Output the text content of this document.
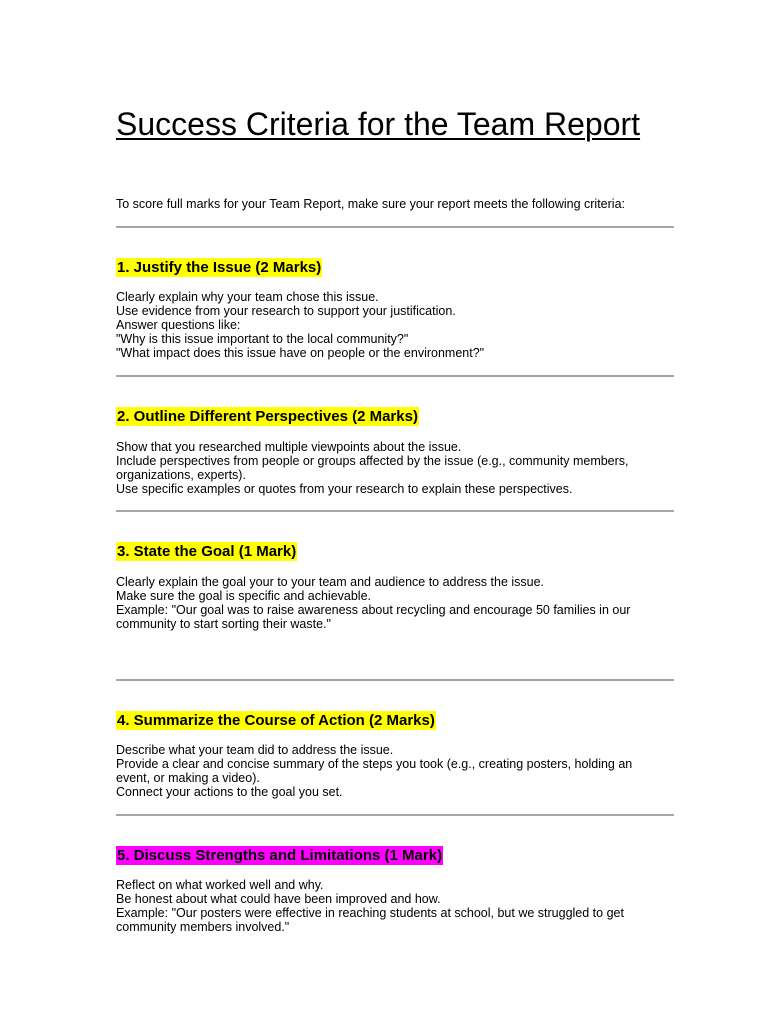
Success Criteria for the Team Report

To score full marks for your Team Report, make sure your report meets the following criteria:

1. Justify the Issue (2 Marks)
Clearly explain why your team chose this issue.
Use evidence from your research to support your justification.
Answer questions like:
"Why is this issue important to the local community?"
"What impact does this issue have on people or the environment?"
2. Outline Different Perspectives (2 Marks)
Show that you researched multiple viewpoints about the issue.
Include perspectives from people or groups affected by the issue (e.g., community members,
organizations, experts).
Use specific examples or quotes from your research to explain these perspectives.
3. State the Goal (1 Mark)
Clearly explain the goal your to your team and audience to address the issue.
Make sure the goal is specific and achievable.
Example: "Our goal was to raise awareness about recycling and encourage 50 families in our
community to start sorting their waste."
4. Summarize the Course of Action (2 Marks)
Describe what your team did to address the issue.
Provide a clear and concise summary of the steps you took (e.g., creating posters, holding an
event, or making a video).
Connect your actions to the goal you set.
5. Discuss Strengths and Limitations (1 Mark)
Reflect on what worked well and why.
Be honest about what could have been improved and how.
Example: "Our posters were effective in reaching students at school, but we struggled to get
community members involved."
